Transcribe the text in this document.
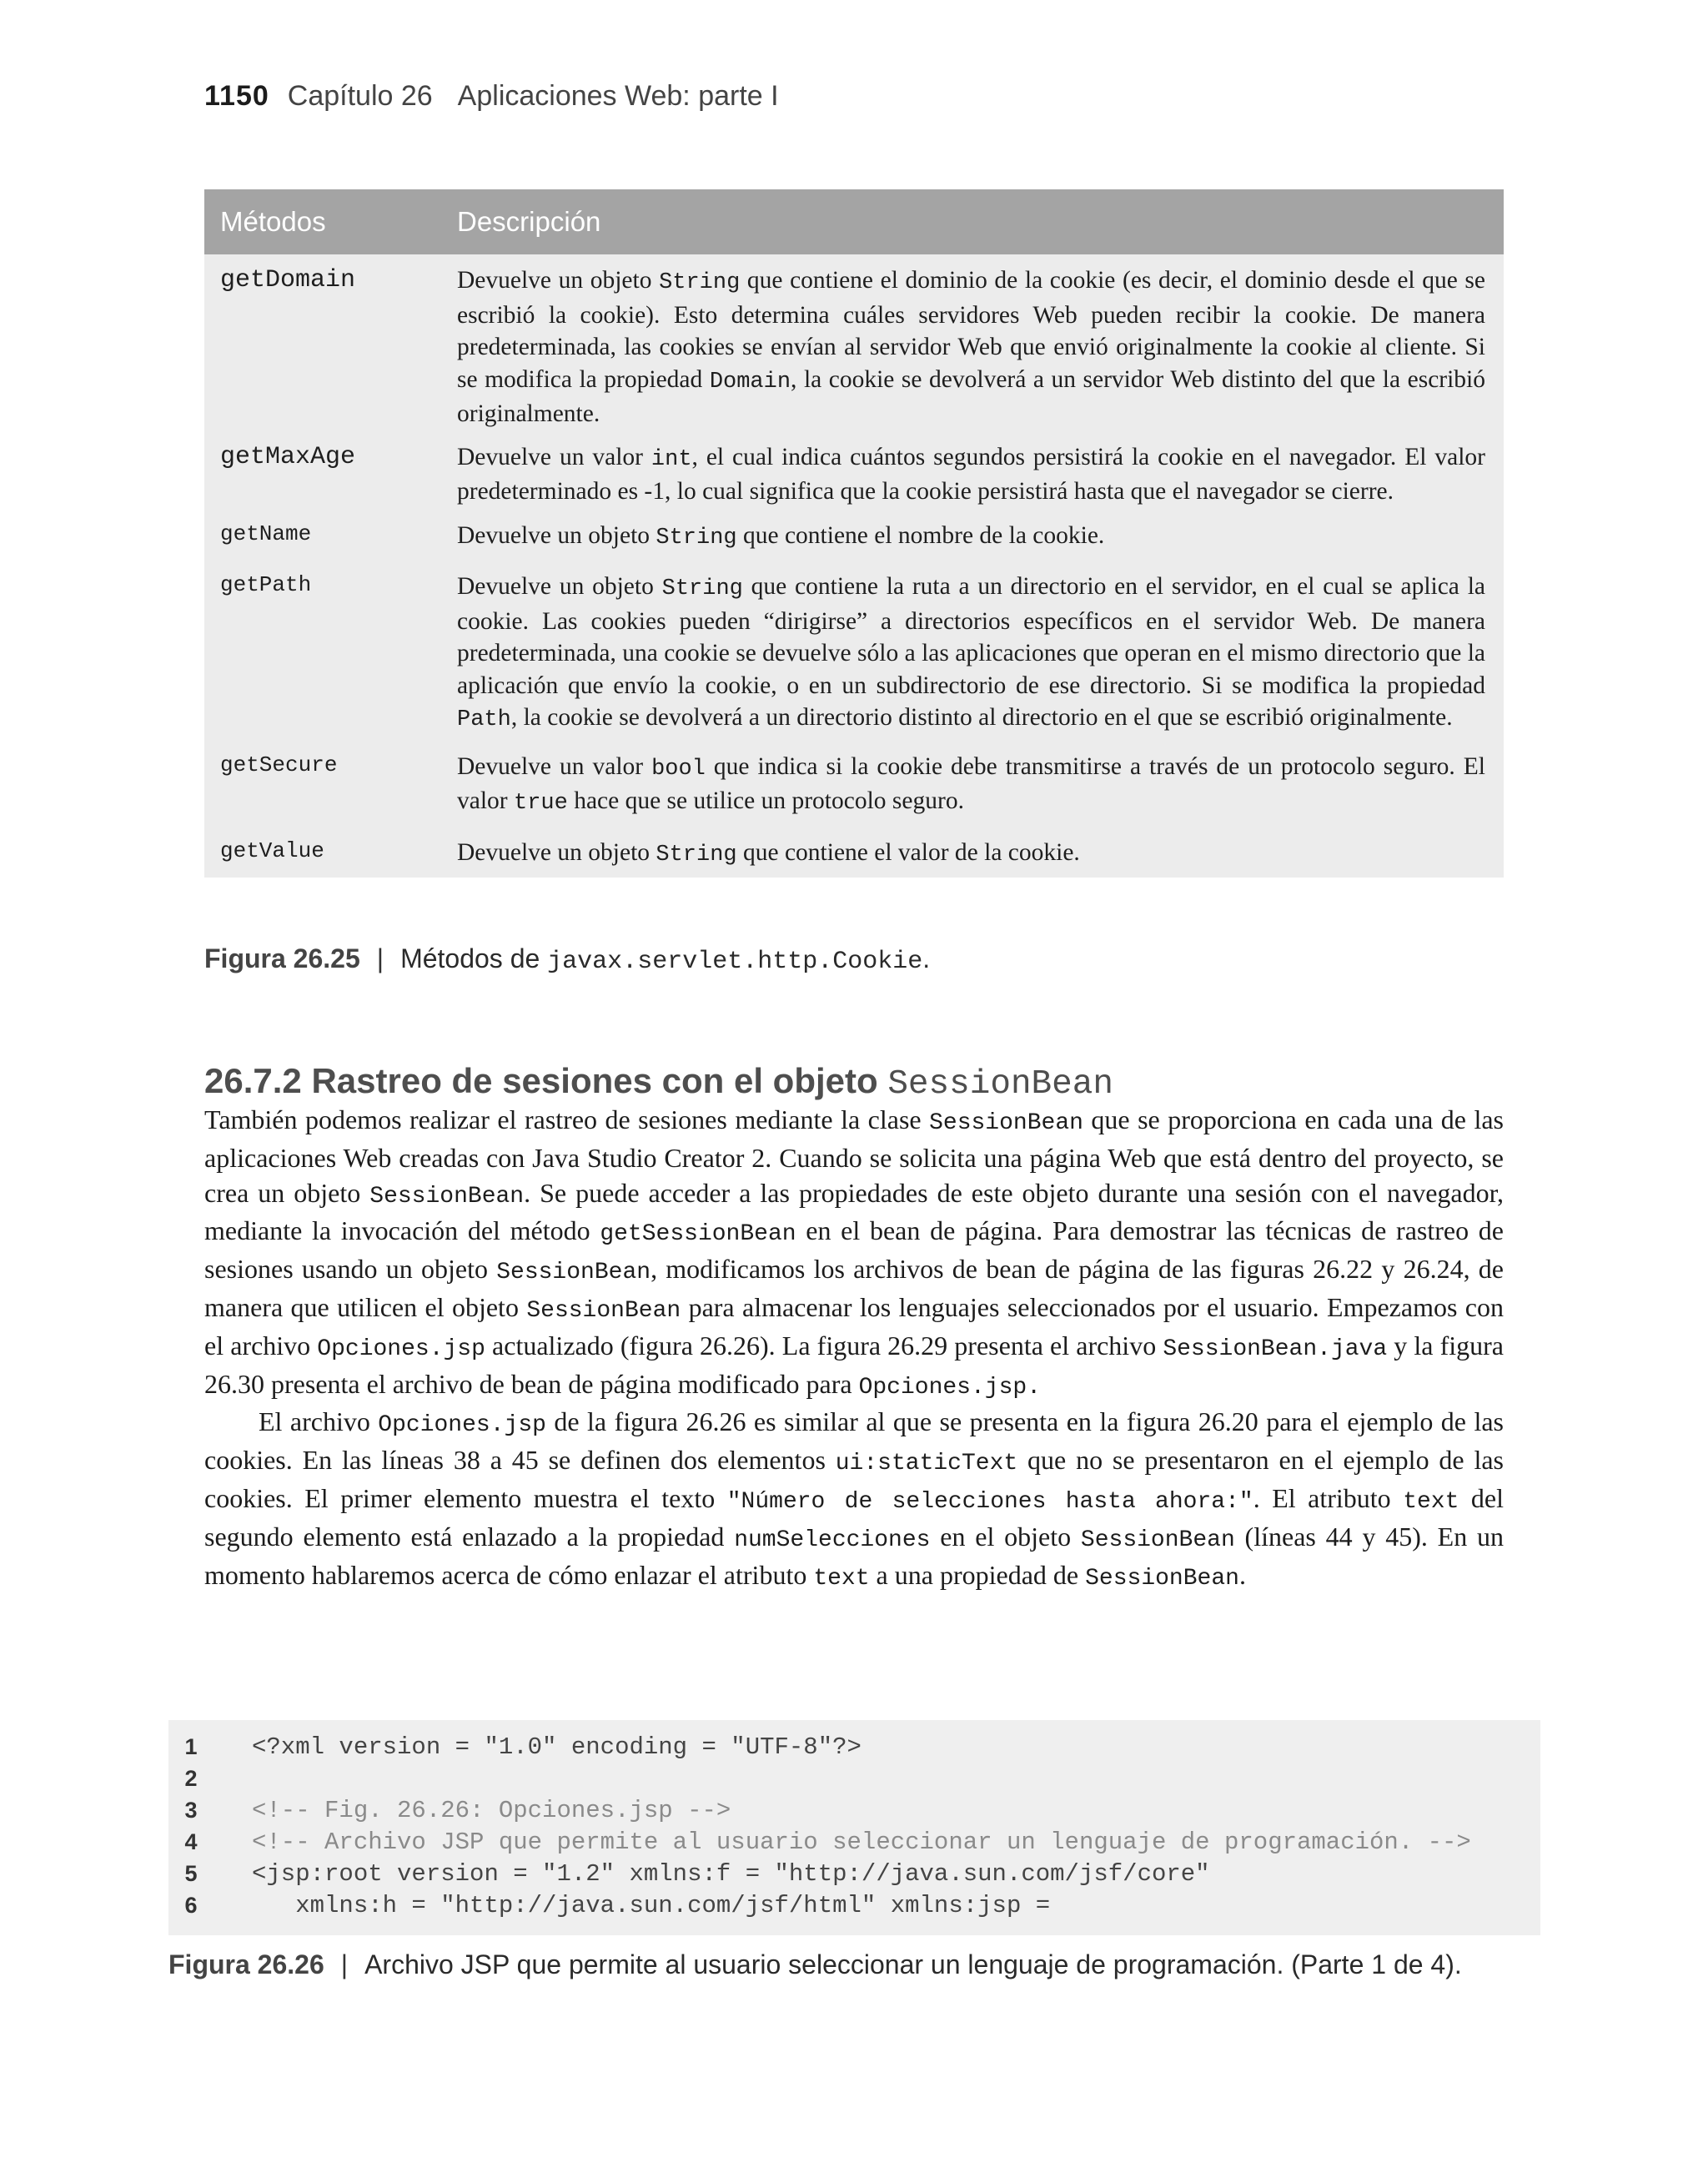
1150 Capítulo 26 Aplicaciones Web: parte I
Métodos	Descripción
getDomain	Devuelve un objeto String que contiene el dominio de la cookie (es decir, el dominio desde el que se escribió la cookie). Esto determina cuáles servidores Web pueden recibir la cookie. De manera predeterminada, las cookies se envían al servidor Web que envió originalmente la cookie al cliente. Si se modifica la propiedad Domain, la cookie se devolverá a un servidor Web distinto del que la escribió originalmente.
getMaxAge	Devuelve un valor int, el cual indica cuántos segundos persistirá la cookie en el navegador. El valor predeterminado es -1, lo cual significa que la cookie persistirá hasta que el navegador se cierre.
getName	Devuelve un objeto String que contiene el nombre de la cookie.
getPath	Devuelve un objeto String que contiene la ruta a un directorio en el servidor, en el cual se aplica la cookie. Las cookies pueden “dirigirse” a directorios específicos en el servidor Web. De manera predeterminada, una cookie se devuelve sólo a las aplicaciones que operan en el mismo directorio que la aplicación que envío la cookie, o en un subdirectorio de ese directorio. Si se modifica la propiedad Path, la cookie se devolverá a un directorio distinto al directorio en el que se escribió originalmente.
getSecure	Devuelve un valor bool que indica si la cookie debe transmitirse a través de un protocolo seguro. El valor true hace que se utilice un protocolo seguro.
getValue	Devuelve un objeto String que contiene el valor de la cookie.
Figura 26.25 | Métodos de javax.servlet.http.Cookie.
26.7.2 Rastreo de sesiones con el objeto SessionBean

También podemos realizar el rastreo de sesiones mediante la clase SessionBean que se proporciona en cada una de las aplicaciones Web creadas con Java Studio Creator 2. Cuando se solicita una página Web que está dentro del proyecto, se crea un objeto SessionBean. Se puede acceder a las propiedades de este objeto durante una sesión con el navegador, mediante la invocación del método getSessionBean en el bean de página. Para demostrar las técnicas de rastreo de sesiones usando un objeto SessionBean, modificamos los archivos de bean de página de las figuras 26.22 y 26.24, de manera que utilicen el objeto SessionBean para almacenar los lenguajes seleccionados por el usuario. Empezamos con el archivo Opciones.jsp actualizado (figura 26.26). La figura 26.29 presenta el archivo SessionBean.java y la figura 26.30 presenta el archivo de bean de página modificado para Opciones.jsp.

El archivo Opciones.jsp de la figura 26.26 es similar al que se presenta en la figura 26.20 para el ejemplo de las cookies. En las líneas 38 a 45 se definen dos elementos ui:staticText que no se presentaron en el ejemplo de las cookies. El primer elemento muestra el texto "Número de selecciones hasta ahora:". El atributo text del segundo elemento está enlazado a la propiedad numSelecciones en el objeto SessionBean (líneas 44 y 45). En un momento hablaremos acerca de cómo enlazar el atributo text a una propiedad de SessionBean.

1	<?xml version = "1.0" encoding = "UTF-8"?>
2
3	<!-- Fig. 26.26: Opciones.jsp -->
4	<!-- Archivo JSP que permite al usuario seleccionar un lenguaje de programación. -->
5	<jsp:root version = "1.2" xmlns:f = "http://java.sun.com/jsf/core"
6	xmlns:h = "http://java.sun.com/jsf/html" xmlns:jsp =
Figura 26.26 | Archivo JSP que permite al usuario seleccionar un lenguaje de programación. (Parte 1 de 4).
